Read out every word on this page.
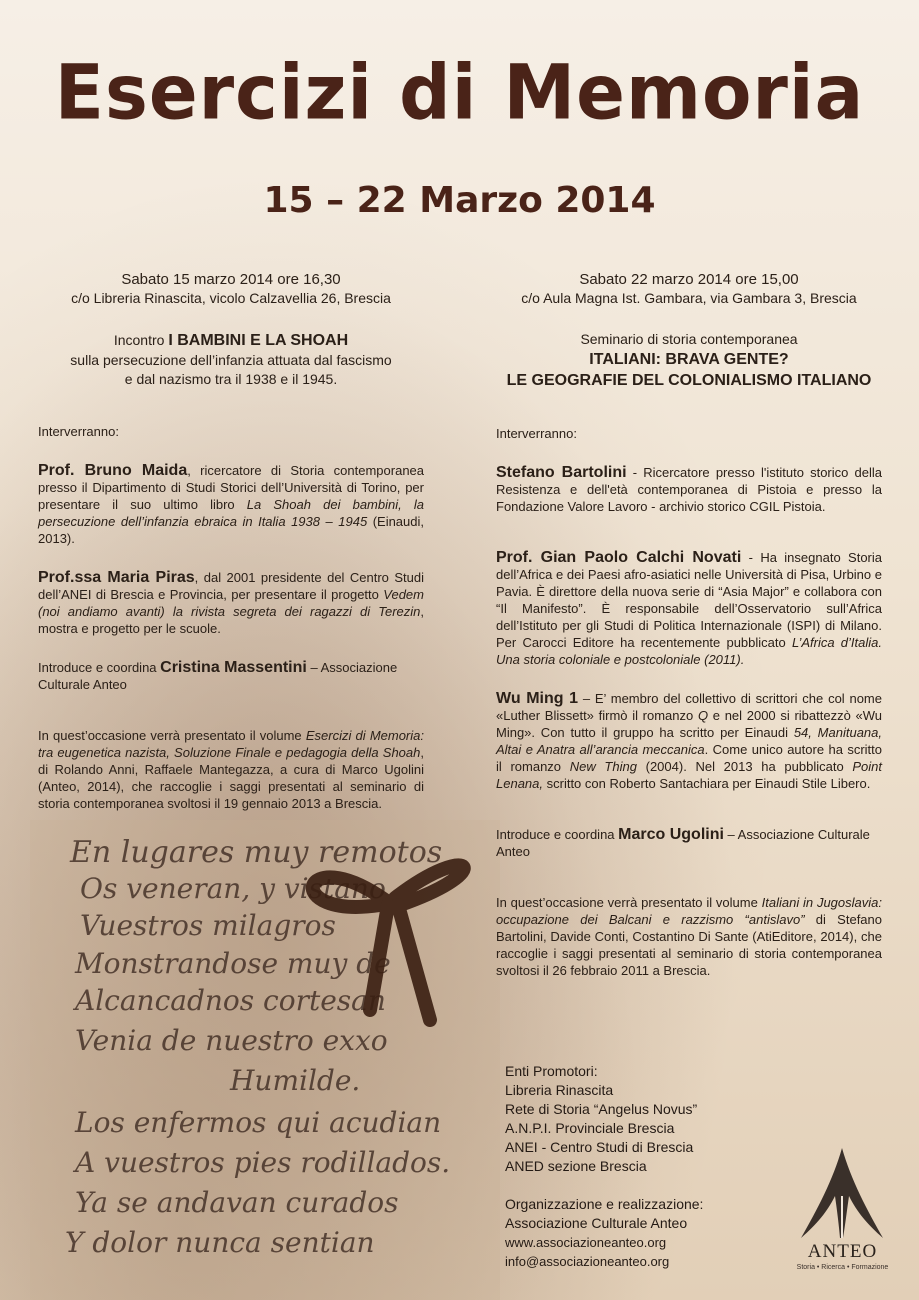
En lugares muy remotos
Os veneran, y vistano
Vuestros milagros
Monstrandose muy de
Alcancadnos cortesan
Venia de nuestro exxo
Humilde.
Los enfermos qui acudian
A vuestros pies rodillados.
Ya se andavan curados
Y dolor nunca sentian
Esercizi di Memoria
15 – 22 Marzo 2014

Sabato 15 marzo 2014 ore 16,30

c/o Libreria Rinascita, vicolo Calzavellia 26, Brescia

Incontro I BAMBINI E LA SHOAH

sulla persecuzione dell’infanzia attuata dal fascismo

e dal nazismo tra il 1938 e il 1945.

Interverranno:

Prof. Bruno Maida, ricercatore di Storia contemporanea presso il Dipartimento di Studi Storici dell’Università di Torino, per presentare il suo ultimo libro La Shoah dei bambini, la persecuzione dell’infanzia ebraica in Italia 1938 – 1945 (Einaudi, 2013).

Prof.ssa Maria Piras, dal 2001 presidente del Centro Studi dell’ANEI di Brescia e Provincia, per presentare il progetto Vedem (noi andiamo avanti) la rivista segreta dei ragazzi di Terezin, mostra e progetto per le scuole.

Introduce e coordina Cristina Massentini – Associazione Culturale Anteo

In quest’occasione verrà presentato il volume Esercizi di Memoria: tra eugenetica nazista, Soluzione Finale e pedagogia della Shoah, di Rolando Anni, Raffaele Mantegazza, a cura di Marco Ugolini (Anteo, 2014), che raccoglie i saggi presentati al seminario di storia contemporanea svoltosi il 19 gennaio 2013 a Brescia.

Sabato 22 marzo 2014 ore 15,00

c/o Aula Magna Ist. Gambara, via Gambara 3, Brescia

Seminario di storia contemporanea

ITALIANI: BRAVA GENTE?

LE GEOGRAFIE DEL COLONIALISMO ITALIANO

Interverranno:

Stefano Bartolini - Ricercatore presso l'istituto storico della Resistenza e dell'età contemporanea di Pistoia e presso la Fondazione Valore Lavoro - archivio storico CGIL Pistoia.

Prof. Gian Paolo Calchi Novati - Ha insegnato Storia dell’Africa e dei Paesi afro-asiatici nelle Università di Pisa, Urbino e Pavia. È direttore della nuova serie di “Asia Major” e collabora con “Il Manifesto”. È responsabile dell’Osservatorio sull’Africa dell’Istituto per gli Studi di Politica Internazionale (ISPI) di Milano. Per Carocci Editore ha recentemente pubblicato L’Africa d’Italia. Una storia coloniale e postcoloniale (2011).

Wu Ming 1 – E’ membro del collettivo di scrittori che col nome «Luther Blissett» firmò il romanzo Q e nel 2000 si ribattezzò «Wu Ming». Con tutto il gruppo ha scritto per Einaudi 54, Manituana, Altai e Anatra all’arancia meccanica. Come unico autore ha scritto il romanzo New Thing (2004). Nel 2013 ha pubblicato Point Lenana, scritto con Roberto Santachiara per Einaudi Stile Libero.

Introduce e coordina Marco Ugolini – Associazione Culturale Anteo

In quest’occasione verrà presentato il volume Italiani in Jugoslavia: occupazione dei Balcani e razzismo “antislavo” di Stefano Bartolini, Davide Conti, Costantino Di Sante (AtiEditore, 2014), che raccoglie i saggi presentati al seminario di storia contemporanea svoltosi il 26 febbraio 2011 a Brescia.

Enti Promotori:

Libreria Rinascita

Rete di Storia “Angelus Novus”

A.N.P.I. Provinciale Brescia

ANEI - Centro Studi di Brescia

ANED sezione Brescia

Organizzazione e realizzazione:

Associazione Culturale Anteo

www.associazioneanteo.org

info@associazioneanteo.org	ANTEO
Storia • Ricerca • Formazione
